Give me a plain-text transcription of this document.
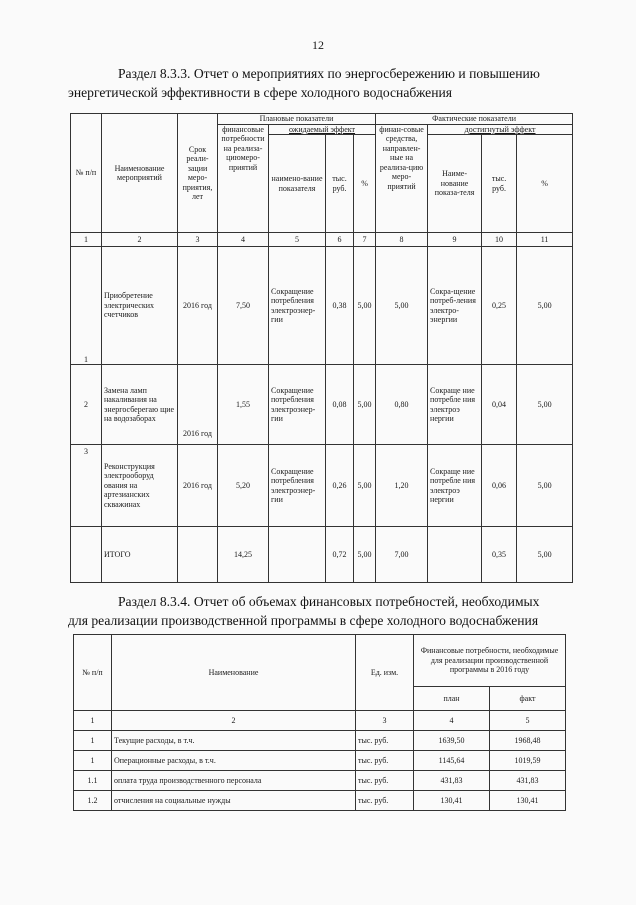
12
Раздел 8.3.3. Отчет о мероприятиях по энергосбережению и повышению
энергетической эффективности в сфере холодного водоснабжения
№ п/п	Наименование мероприятий	Срок реали-зации меро-приятия, лет	Плановые показатели				Фактические показатели			
			финансовые потребности на реализа-циюмеро-приятий	ожидаемый эффект			финан-совые средства, направлен-ные на реализа-цию меро-приятий	достигнутый эффект		
				наимено-вание показателя	тыс. руб.	%		Наиме-нование показа-теля	тыс. руб.	%
1	2	3	4	5	6	7	8	9	10	11
1	Приобретение электрических счетчиков	2016 год	7,50	Сокращение потребления электроэнер-гии	0,38	5,00	5,00	Сокра-щение потреб-ления электро-энергии	0,25	5,00
2	Замена ламп накаливания на энергосберегаю щие на водозаборах	2016 год	1,55	Сокращение потребления электроэнер-гии	0,08	5,00	0,80	Сокраще ние потребле ния электроэ нергии	0,04	5,00
3	Реконструкция электрооборуд ования на артезианских скважинах	2016 год	5,20	Сокращение потребления электроэнер-гии	0,26	5,00	1,20	Сокраще ние потребле ния электроэ нергии	0,06	5,00
	ИТОГО		14,25		0,72	5,00	7,00		0,35	5,00
Раздел 8.3.4. Отчет об объемах финансовых потребностей, необходимых
для реализации производственной программы в сфере холодного водоснабжения
№ п/п	Наименование	Ед. изм.	Финансовые потребности, необходимые для реализации производственной программы в 2016 году	
			план	факт
1	2	3	4	5
1	Текущие расходы, в т.ч.	тыс. руб.	1639,50	1968,48
1	Операционные расходы, в т.ч.	тыс. руб.	1145,64	1019,59
1.1	оплата труда производственного персонала	тыс. руб.	431,83	431,83
1.2	отчисления на социальные нужды	тыс. руб.	130,41	130,41
